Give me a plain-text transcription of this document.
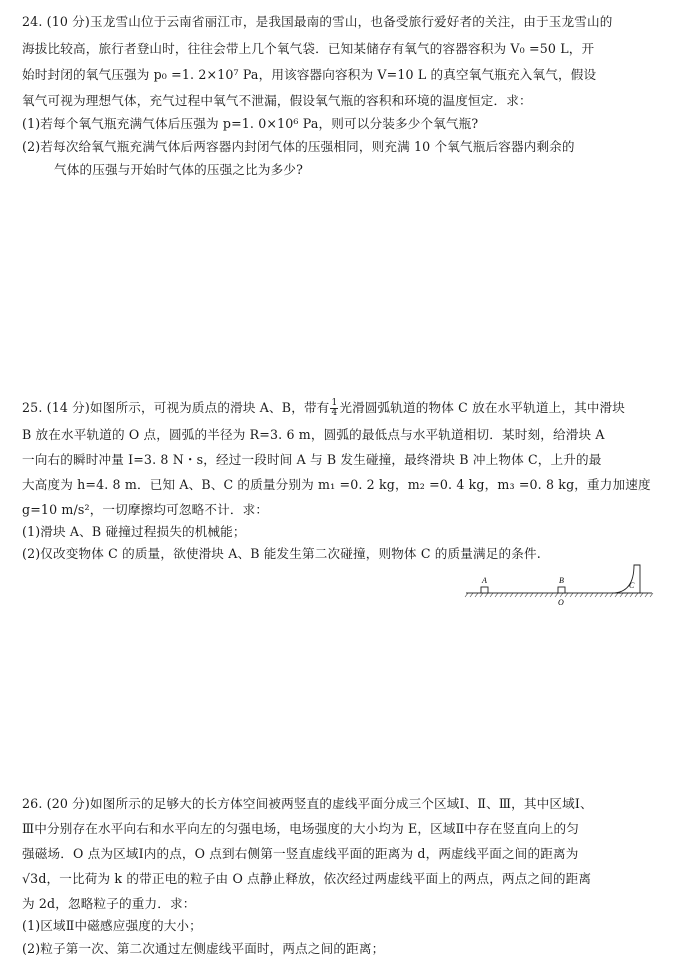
24. (10 分)玉龙雪山位于云南省丽江市，是我国最南的雪山，也备受旅行爱好者的关注，由于玉龙雪山的
海拔比较高，旅行者登山时，往往会带上几个氧气袋．已知某储存有氧气的容器容积为 V₀ =50 L，开
始时封闭的氧气压强为 p₀ =1. 2×10⁷ Pa，用该容器向容积为 V=10 L 的真空氧气瓶充入氧气，假设
氧气可视为理想气体，充气过程中氧气不泄漏，假设氧气瓶的容积和环境的温度恒定．求：
(1)若每个氧气瓶充满气体后压强为 p=1. 0×10⁶ Pa，则可以分装多少个氧气瓶?
(2)若每次给氧气瓶充满气体后两容器内封闭气体的压强相同，则充满 10 个氧气瓶后容器内剩余的
气体的压强与开始时气体的压强之比为多少?
25. (14 分)如图所示，可视为质点的滑块 A、B，带有 $\frac{1}{4}$ 光滑圆弧轨道的物体 C 放在水平轨道上，其中滑块
B 放在水平轨道的 O 点，圆弧的半径为 R=3. 6 m，圆弧的最低点与水平轨道相切．某时刻，给滑块 A
一向右的瞬时冲量 I=3. 8 N・s，经过一段时间 A 与 B 发生碰撞，最终滑块 B 冲上物体 C，上升的最
大高度为 h=4. 8 m．已知 A、B、C 的质量分别为 m₁ =0. 2 kg，m₂ =0. 4 kg，m₃ =0. 8 kg，重力加速度
g=10 m/s²，一切摩擦均可忽略不计．求：
(1)滑块 A、B 碰撞过程损失的机械能；
(2)仅改变物体 C 的质量，欲使滑块 A、B 能发生第二次碰撞，则物体 C 的质量满足的条件.
A	B
O
C
26. (20 分)如图所示的足够大的长方体空间被两竖直的虚线平面分成三个区域Ⅰ、Ⅱ、Ⅲ，其中区域Ⅰ、
Ⅲ中分别存在水平向右和水平向左的匀强电场，电场强度的大小均为 E，区域Ⅱ中存在竖直向上的匀
强磁场．O 点为区域Ⅰ内的点，O 点到右侧第一竖直虚线平面的距离为 d，两虚线平面之间的距离为
√3d，一比荷为 k 的带正电的粒子由 O 点静止释放，依次经过两虚线平面上的两点，两点之间的距离
为 2d，忽略粒子的重力．求：
(1)区域Ⅱ中磁感应强度的大小；
(2)粒子第一次、第二次通过左侧虚线平面时，两点之间的距离；
